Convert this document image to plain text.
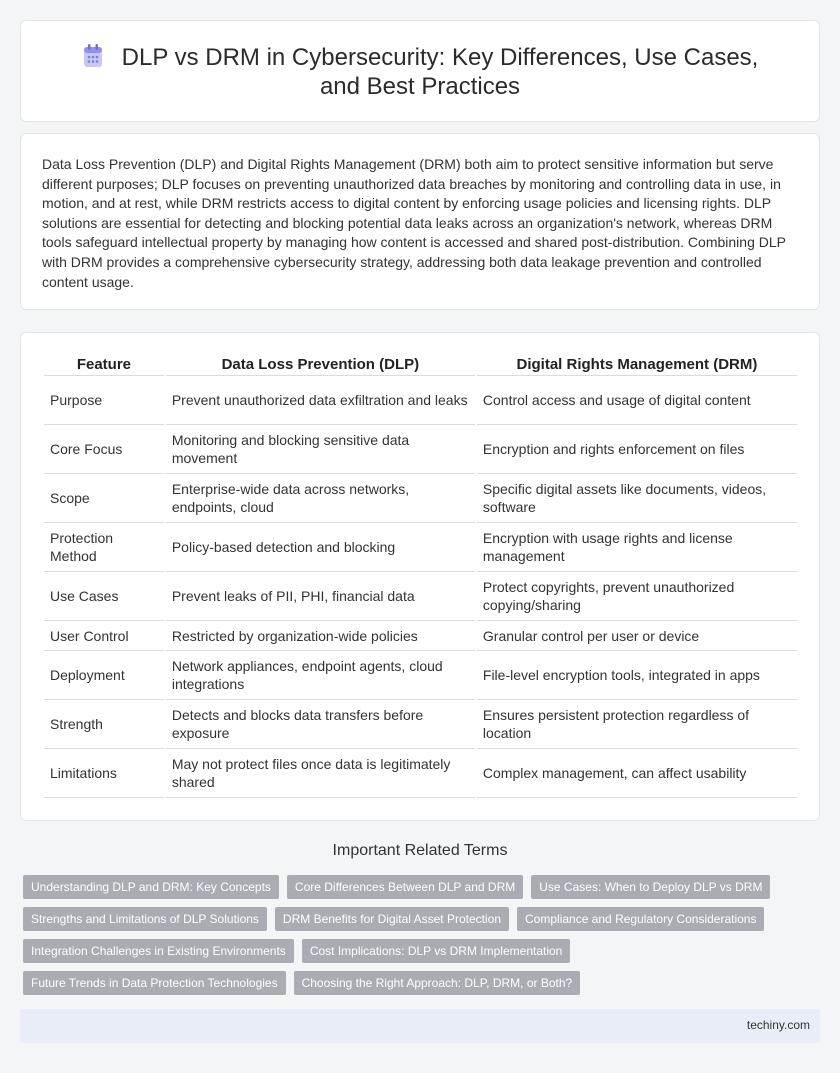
DLP vs DRM in Cybersecurity: Key Differences, Use Cases, and Best Practices

Data Loss Prevention (DLP) and Digital Rights Management (DRM) both aim to protect sensitive information but serve different purposes; DLP focuses on preventing unauthorized data breaches by monitoring and controlling data in use, in motion, and at rest, while DRM restricts access to digital content by enforcing usage policies and licensing rights. DLP solutions are essential for detecting and blocking potential data leaks across an organization's network, whereas DRM tools safeguard intellectual property by managing how content is accessed and shared post-distribution. Combining DLP with DRM provides a comprehensive cybersecurity strategy, addressing both data leakage prevention and controlled content usage.

Feature	Data Loss Prevention (DLP)	Digital Rights Management (DRM)
Purpose	Prevent unauthorized data exfiltration and leaks	Control access and usage of digital content
Core Focus	Monitoring and blocking sensitive data movement	Encryption and rights enforcement on files
Scope	Enterprise-wide data across networks, endpoints, cloud	Specific digital assets like documents, videos, software
Protection Method	Policy-based detection and blocking	Encryption with usage rights and license management
Use Cases	Prevent leaks of PII, PHI, financial data	Protect copyrights, prevent unauthorized copying/sharing
User Control	Restricted by organization-wide policies	Granular control per user or device
Deployment	Network appliances, endpoint agents, cloud integrations	File-level encryption tools, integrated in apps
Strength	Detects and blocks data transfers before exposure	Ensures persistent protection regardless of location
Limitations	May not protect files once data is legitimately shared	Complex management, can affect usability
Important Related Terms
Understanding DLP and DRM: Key Concepts	Core Differences Between DLP and DRM	Use Cases: When to Deploy DLP vs DRM
Strengths and Limitations of DLP Solutions	DRM Benefits for Digital Asset Protection	Compliance and Regulatory Considerations
Integration Challenges in Existing Environments	Cost Implications: DLP vs DRM Implementation
Future Trends in Data Protection Technologies	Choosing the Right Approach: DLP, DRM, or Both?
techiny.com
